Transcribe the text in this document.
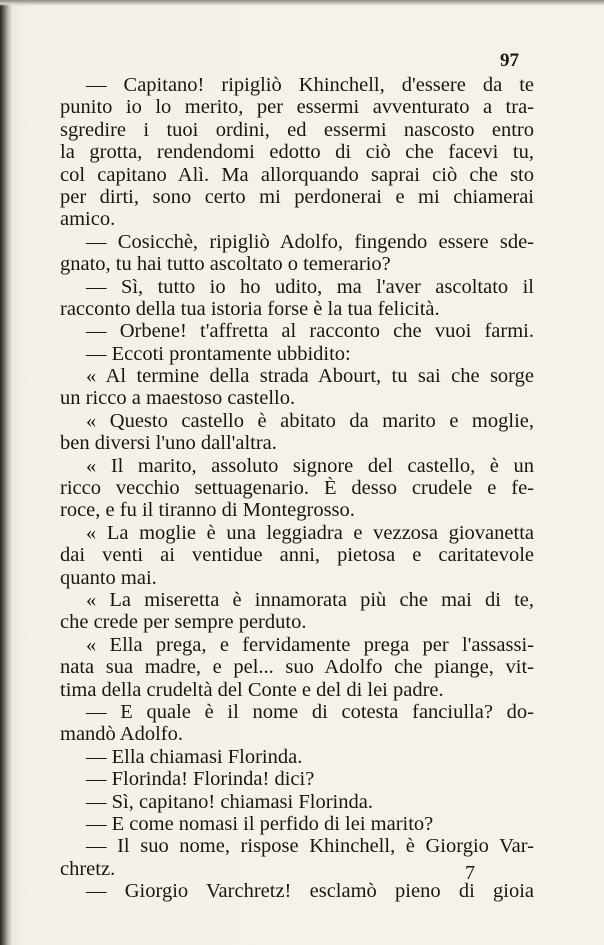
97
— Capitano! ripigliò Khinchell, d'essere da te
punito io lo merito, per essermi avventurato a tra-
sgredire i tuoi ordini, ed essermi nascosto entro
la grotta, rendendomi edotto di ciò che facevi tu,
col capitano Alì. Ma allorquando saprai ciò che sto
per dirti, sono certo mi perdonerai e mi chiamerai
amico.
— Cosicchè, ripigliò Adolfo, fingendo essere sde-
gnato, tu hai tutto ascoltato o temerario?
— Sì, tutto io ho udito, ma l'aver ascoltato il
racconto della tua istoria forse è la tua felicità.
— Orbene! t'affretta al racconto che vuoi farmi.
— Eccoti prontamente ubbidito:
« Al termine della strada Abourt, tu sai che sorge
un ricco a maestoso castello.
« Questo castello è abitato da marito e moglie,
ben diversi l'uno dall'altra.
« Il marito, assoluto signore del castello, è un
ricco vecchio settuagenario. È desso crudele e fe-
roce, e fu il tiranno di Montegrosso.
« La moglie è una leggiadra e vezzosa giovanetta
dai venti ai ventidue anni, pietosa e caritatevole
quanto mai.
« La miseretta è innamorata più che mai di te,
che crede per sempre perduto.
« Ella prega, e fervidamente prega per l'assassi-
nata sua madre, e pel... suo Adolfo che piange, vit-
tima della crudeltà del Conte e del di lei padre.
— E quale è il nome di cotesta fanciulla? do-
mandò Adolfo.
— Ella chiamasi Florinda.
— Florinda! Florinda! dici?
— Sì, capitano! chiamasi Florinda.
— E come nomasi il perfido di lei marito?
— Il suo nome, rispose Khinchell, è Giorgio Var-
chretz.
— Giorgio Varchretz! esclamò pieno di gioia
7
